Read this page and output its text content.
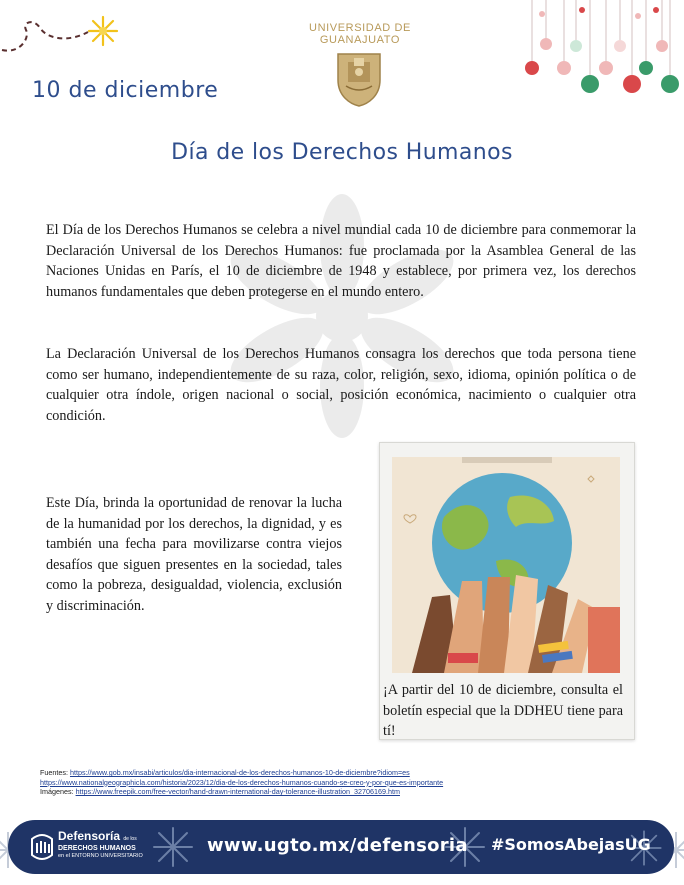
UNIVERSIDAD DE
GUANAJUATO
10 de diciembre
Día de los Derechos Humanos
El Día de los Derechos Humanos se celebra a nivel mundial cada 10 de diciembre para conmemorar la Declaración Universal de los Derechos Humanos: fue proclamada por la Asamblea General de las Naciones Unidas en París, el 10 de diciembre de 1948 y establece, por primera vez, los derechos humanos fundamentales que deben protegerse en el mundo entero.
La Declaración Universal de los Derechos Humanos consagra los derechos que toda persona tiene como ser humano, independientemente de su raza, color, religión, sexo, idioma, opinión política o de cualquier otra índole, origen nacional o social, posición económica, nacimiento o cualquier otra condición.
Este Día, brinda la oportunidad de renovar la lucha de la humanidad por los derechos, la dignidad, y es también una fecha para movilizarse contra viejos desafíos que siguen presentes en la sociedad, tales como la pobreza, desigualdad, violencia, exclusión y discriminación.
¡A partir del 10 de diciembre, consulta el boletín especial que la DDHEU tiene para tí!
Fuentes: https://www.gob.mx/insabi/articulos/dia-internacional-de-los-derechos-humanos-10-de-diciembre?idiom=es
https://www.nationalgeographicla.com/historia/2023/12/dia-de-los-derechos-humanos-cuando-se-creo-y-por-que-es-importante
Imágenes: https://www.freepik.com/free-vector/hand-drawn-international-day-tolerance-illustration_32706169.htm
Defensoría de los
DERECHOS HUMANOS
en el ENTORNO UNIVERSITARIO	www.ugto.mx/defensoria #SomosAbejasUG
